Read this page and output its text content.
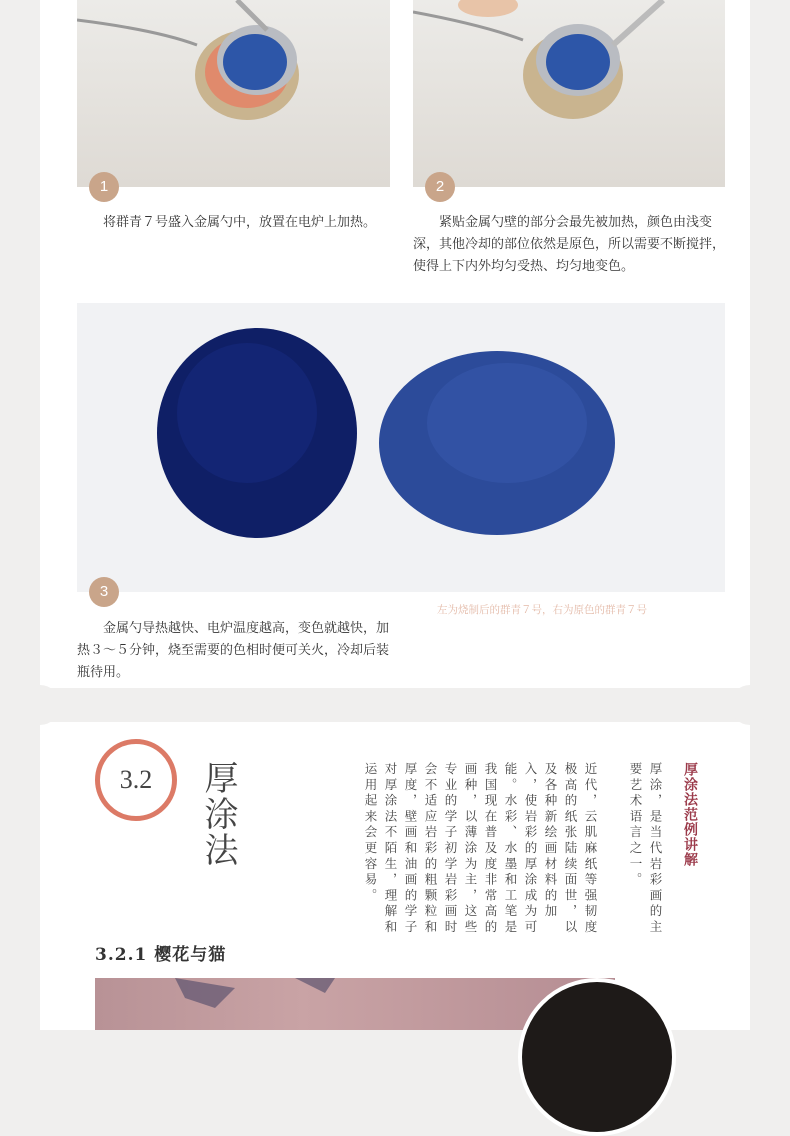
1
将群青７号盛入金属勺中，放置在电炉上加热。
2
紧贴金属勺壁的部分会最先被加热，颜色由浅变深，其他冷却的部位依然是原色，所以需要不断搅拌，使得上下内外均匀受热、均匀地变色。
3
左为烧制后的群青７号，右为原色的群青７号
金属勺导热越快、电炉温度越高，变色就越快，加热３～５分钟，烧至需要的色相时便可关火，冷却后装瓶待用。
3.2	厚涂法	厚涂法范例讲解
厚涂，是当代岩彩画的主要艺术语言之一。
近代，云肌麻纸等强韧度极高的纸张陆续面世，以及各种新绘画材料的加入，使岩彩的厚涂成为可能。水彩、水墨和工笔是我国现在普及度非常高的画种，以薄涂为主，这些专业的学子初学岩彩画时会不适应岩彩的粗颗粒和厚度，壁画和油画的学子对厚涂法不陌生，理解和运用起来会更容易。
3.2.1 樱花与猫
